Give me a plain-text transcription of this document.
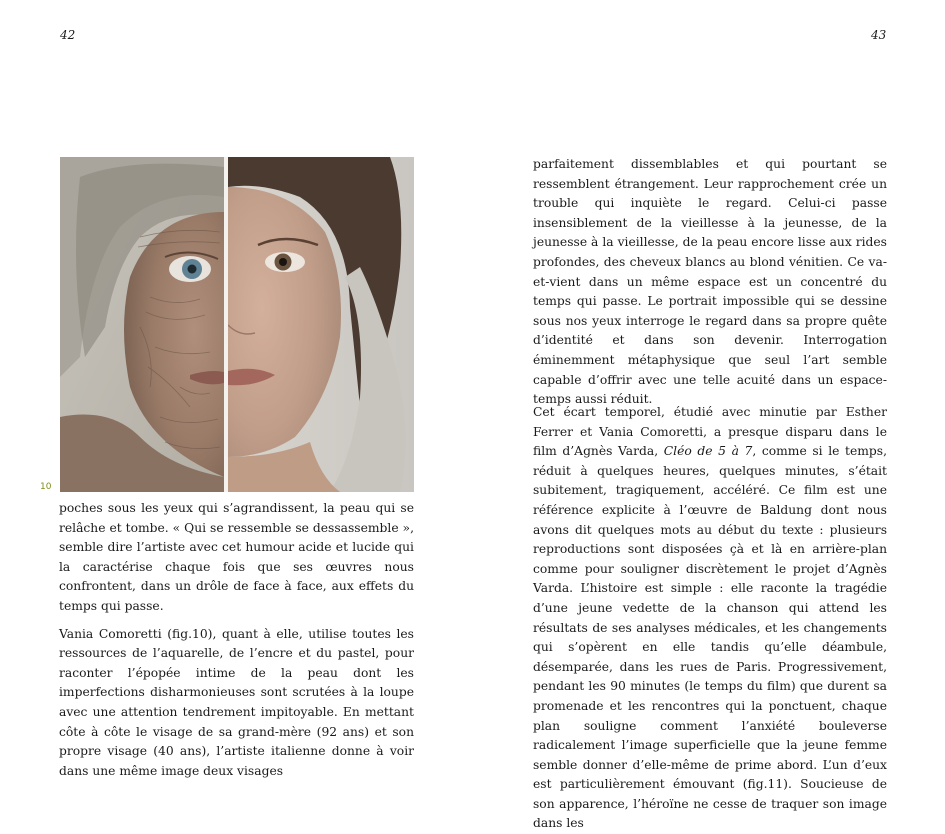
42	43
10

poches sous les yeux qui s’agrandissent, la peau qui se relâche et tombe. « Qui se ressemble se dessassemble », semble dire l’artiste avec cet humour acide et lucide qui la caractérise chaque fois que ses œuvres nous confrontent, dans un drôle de face à face, aux effets du temps qui passe.

Vania Comoretti (fig.10), quant à elle, utilise toutes les ressources de l’aquarelle, de l’encre et du pastel, pour raconter l’épopée intime de la peau dont les imperfections disharmonieuses sont scrutées à la loupe avec une attention tendrement impitoyable. En mettant côte à côte le visage de sa grand-mère (92 ans) et son propre visage (40 ans), l’artiste italienne donne à voir dans une même image deux visages

parfaitement dissemblables et qui pourtant se ressemblent étrangement. Leur rapprochement crée un trouble qui inquiète le regard. Celui-ci passe insensiblement de la vieillesse à la jeunesse, de la jeunesse à la vieillesse, de la peau encore lisse aux rides profondes, des cheveux blancs au blond vénitien. Ce va-et-vient dans un même espace est un concentré du temps qui passe. Le portrait impossible qui se dessine sous nos yeux interroge le regard dans sa propre quête d’identité et dans son devenir. Interrogation éminemment métaphysique que seul l’art semble capable d’offrir avec une telle acuité dans un espace-temps aussi réduit.

Cet écart temporel, étudié avec minutie par Esther Ferrer et Vania Comoretti, a presque disparu dans le film d’Agnès Varda, Cléo de 5 à 7, comme si le temps, réduit à quelques heures, quelques minutes, s’était subitement, tragiquement, accéléré. Ce film est une référence explicite à l’œuvre de Baldung dont nous avons dit quelques mots au début du texte : plusieurs reproductions sont disposées çà et là en arrière-plan comme pour souligner discrètement le projet d’Agnès Varda. L’histoire est simple : elle raconte la tragédie d’une jeune vedette de la chanson qui attend les résultats de ses analyses médicales, et les changements qui s’opèrent en elle tandis qu’elle déambule, désemparée, dans les rues de Paris. Progressivement, pendant les 90 minutes (le temps du film) que durent sa promenade et les rencontres qui la ponctuent, chaque plan souligne comment l’anxiété bouleverse radicalement l’image superficielle que la jeune femme semble donner d’elle-même de prime abord. L’un d’eux est particulièrement émouvant (fig.11). Soucieuse de son apparence, l’héroïne ne cesse de traquer son image dans les
